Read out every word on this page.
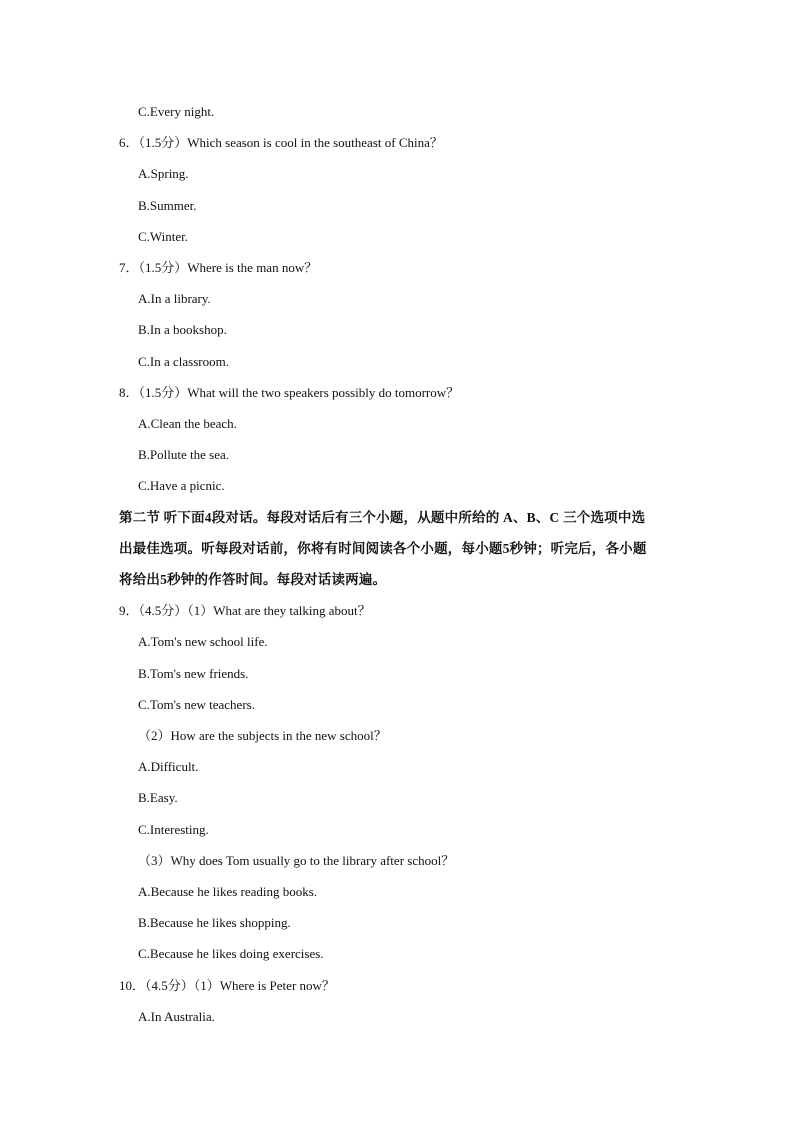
C.Every night.
6．（1.5分）Which season is cool in the southeast of China？
A.Spring.
B.Summer.
C.Winter.
7．（1.5分）Where is the man now？
A.In a library.
B.In a bookshop.
C.In a classroom.
8．（1.5分）What will the two speakers possibly do tomorrow？
A.Clean the beach.
B.Pollute the sea.
C.Have a picnic.
第二节 听下面4段对话。每段对话后有三个小题，从题中所给的 A、B、C 三个选项中选
出最佳选项。听每段对话前，你将有时间阅读各个小题，每小题5秒钟；听完后，各小题
将给出5秒钟的作答时间。每段对话读两遍。
9．（4.5分）（1）What are they talking about？
A.Tom's new school life.
B.Tom's new friends.
C.Tom's new teachers.
（2）How are the subjects in the new school？
A.Difficult.
B.Easy.
C.Interesting.
（3）Why does Tom usually go to the library after school？
A.Because he likes reading books.
B.Because he likes shopping.
C.Because he likes doing exercises.
10．（4.5分）（1）Where is Peter now？
A.In Australia.
